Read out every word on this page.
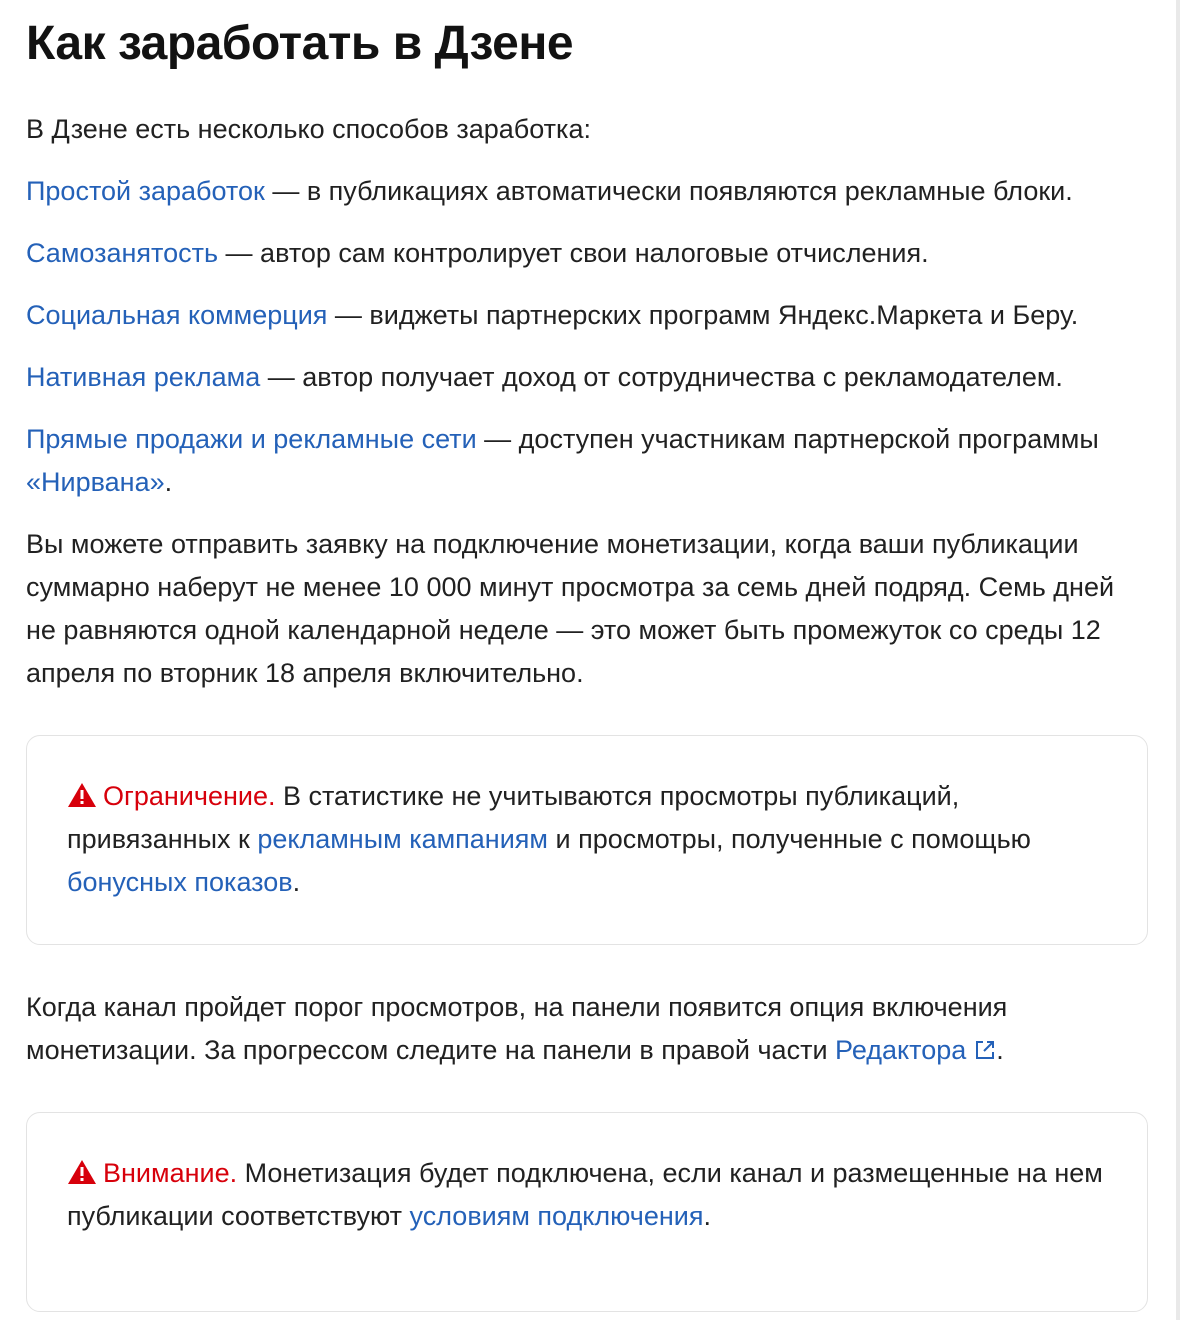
Как заработать в Дзене

В Дзене есть несколько способов заработка:

Простой заработок — в публикациях автоматически появляются рекламные блоки.

Самозанятость — автор сам контролирует свои налоговые отчисления.

Социальная коммерция — виджеты партнерских программ Яндекс.Маркета и Беру.

Нативная реклама — автор получает доход от сотрудничества с рекламодателем.

Прямые продажи и рекламные сети — доступен участникам партнерской программы «Нирвана».

Вы можете отправить заявку на подключение монетизации, когда ваши публикации суммарно наберут не менее 10 000 минут просмотра за семь дней подряд. Семь дней не равняются одной календарной неделе — это может быть промежуток со среды 12 апреля по вторник 18 апреля включительно.

Ограничение. В статистике не учитываются просмотры публикаций, привязанных к рекламным кампаниям и просмотры, полученные с помощью бонусных показов.

Когда канал пройдет порог просмотров, на панели появится опция включения монетизации. За прогрессом следите на панели в правой части Редактора .

Внимание. Монетизация будет подключена, если канал и размещенные на нем публикации соответствуют условиям подключения.
